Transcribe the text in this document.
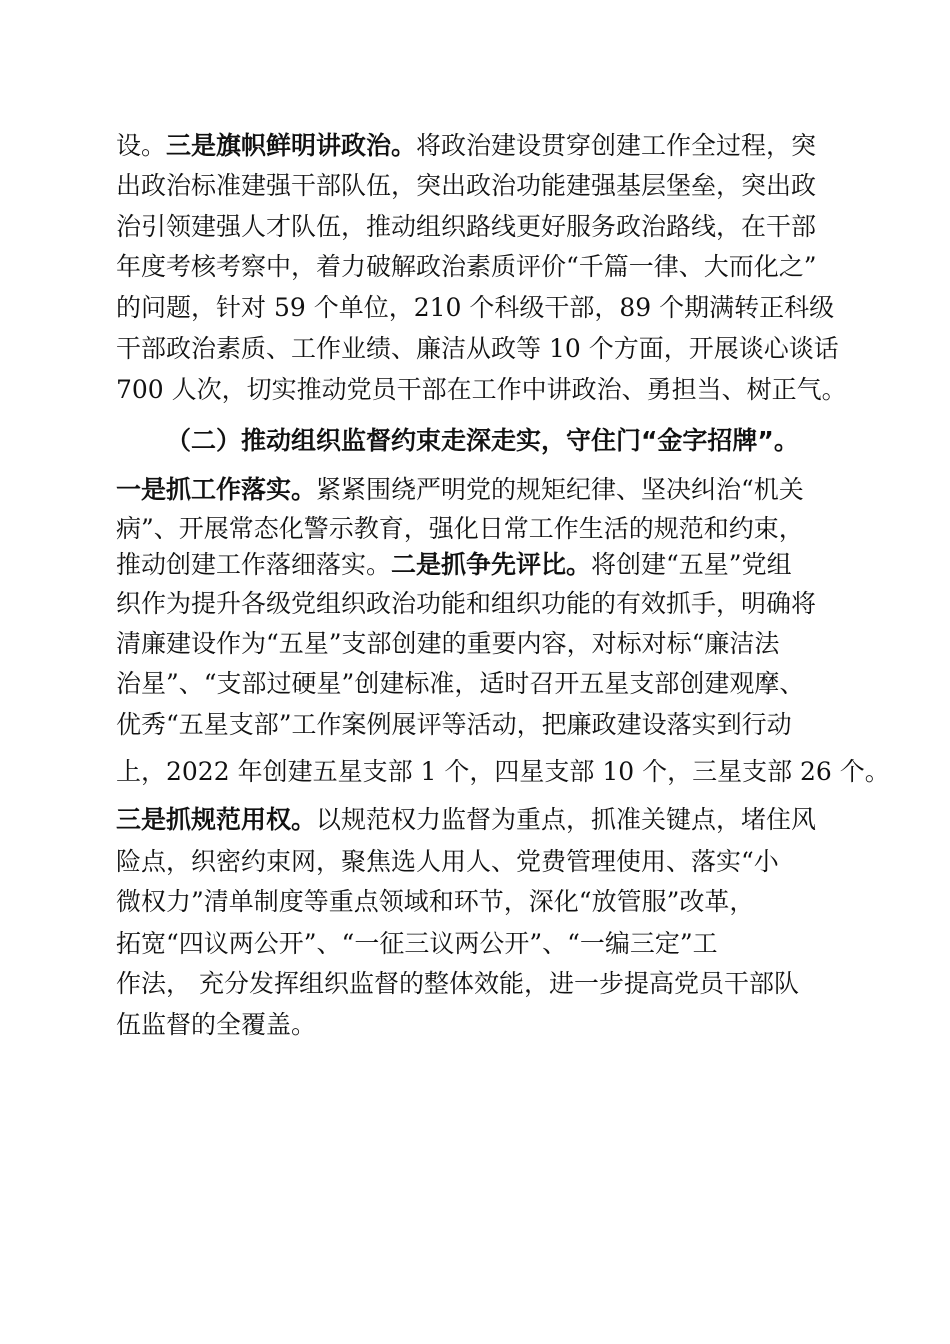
设。三是旗帜鲜明讲政治。将政治建设贯穿创建工作全过程，突
出政治标准建强干部队伍，突出政治功能建强基层堡垒，突出政
治引领建强人才队伍，推动组织路线更好服务政治路线，在干部
年度考核考察中，着力破解政治素质评价“千篇一律、大而化之”
的问题，针对 59 个单位，210 个科级干部，89 个期满转正科级
干部政治素质、工作业绩、廉洁从政等 10 个方面，开展谈心谈话
700 人次，切实推动党员干部在工作中讲政治、勇担当、树正气。
（二）推动组织监督约束走深走实，守住门“金字招牌”。
一是抓工作落实。紧紧围绕严明党的规矩纪律、坚决纠治“机关
病”、开展常态化警示教育，强化日常工作生活的规范和约束，
推动创建工作落细落实。二是抓争先评比。将创建“五星”党组
织作为提升各级党组织政治功能和组织功能的有效抓手，明确将
清廉建设作为“五星”支部创建的重要内容，对标对标“廉洁法
治星”、“支部过硬星”创建标准，适时召开五星支部创建观摩、
优秀“五星支部”工作案例展评等活动，把廉政建设落实到行动
上，2022 年创建五星支部 1 个，四星支部 10 个，三星支部 26 个。
三是抓规范用权。以规范权力监督为重点，抓准关键点，堵住风
险点，织密约束网，聚焦选人用人、党费管理使用、落实“小
微权力”清单制度等重点领域和环节，深化“放管服”改革，
拓宽“四议两公开”、“一征三议两公开”、“一编三定”工
作法， 充分发挥组织监督的整体效能，进一步提高党员干部队
伍监督的全覆盖。
